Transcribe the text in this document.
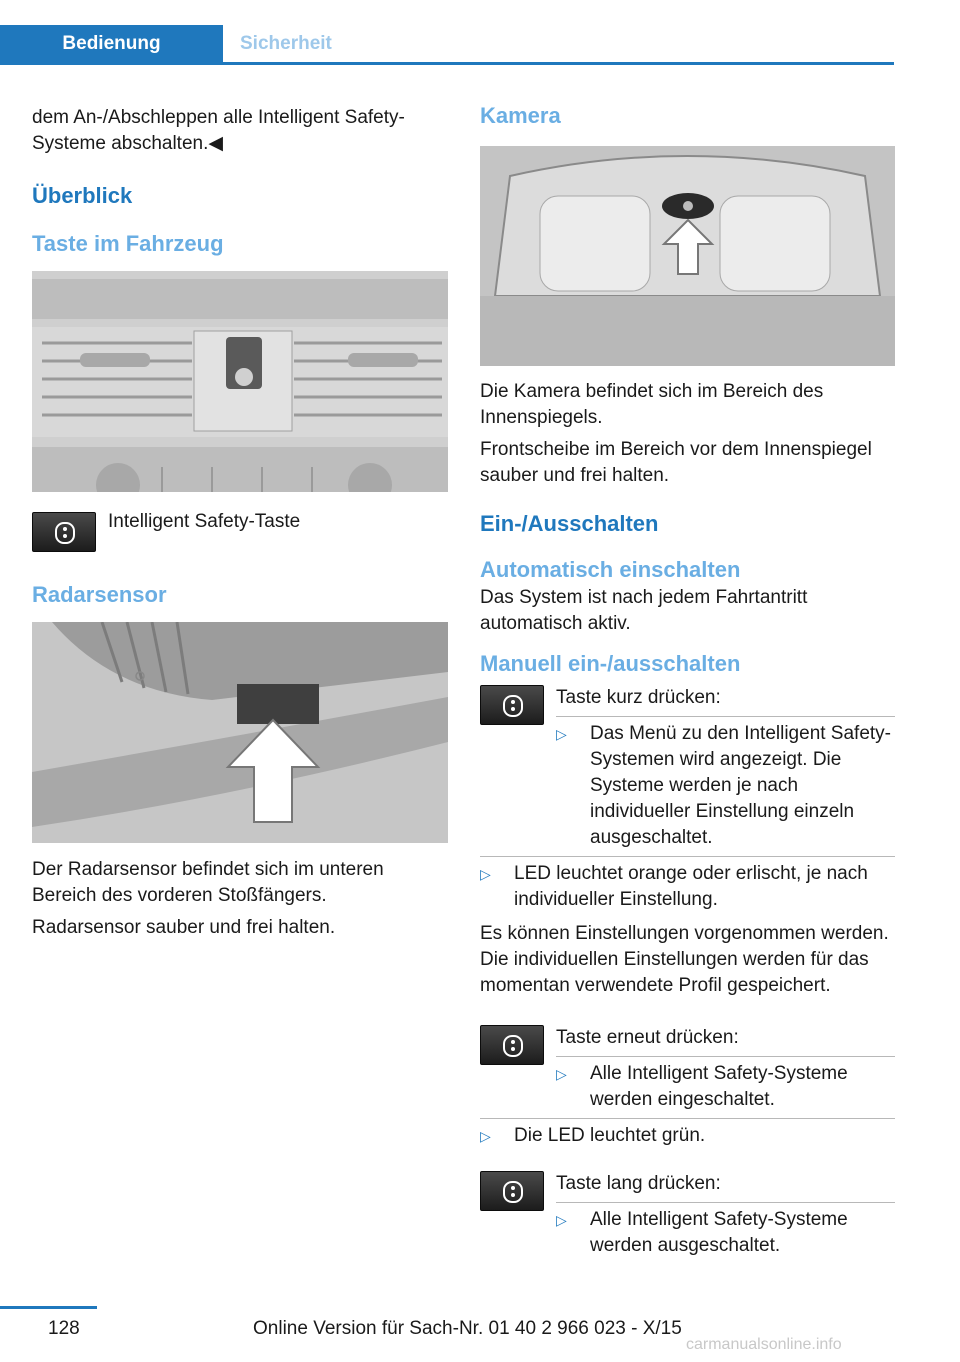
Bedienung	Sicherheit

dem An-/Abschleppen alle Intelligent Safety-Systeme abschalten.◀

Überblick
Taste im Fahrzeug

Intelligent Safety-Taste

Radarsensor

Der Radarsensor befindet sich im unteren Bereich des vorderen Stoßfängers.

Radarsensor sauber und frei halten.

Kamera

Die Kamera befindet sich im Bereich des Innenspiegels.

Frontscheibe im Bereich vor dem Innenspiegel sauber und frei halten.

Ein-/Ausschalten
Automatisch einschalten

Das System ist nach jedem Fahrtantritt automatisch aktiv.

Manuell ein-/ausschalten

Taste kurz drücken:

▷	Das Menü zu den Intelligent Safety-Systemen wird angezeigt. Die Systeme werden je nach individueller Einstellung einzeln ausgeschaltet.
▷	LED leuchtet orange oder erlischt, je nach individueller Einstellung.

Es können Einstellungen vorgenommen werden. Die individuellen Einstellungen werden für das momentan verwendete Profil gespeichert.

Taste erneut drücken:

▷	Alle Intelligent Safety-Systeme werden eingeschaltet.
▷	Die LED leuchtet grün.

Taste lang drücken:

▷	Alle Intelligent Safety-Systeme werden ausgeschaltet.
128	Online Version für Sach-Nr. 01 40 2 966 023 - X/15
carmanualsonline.info
